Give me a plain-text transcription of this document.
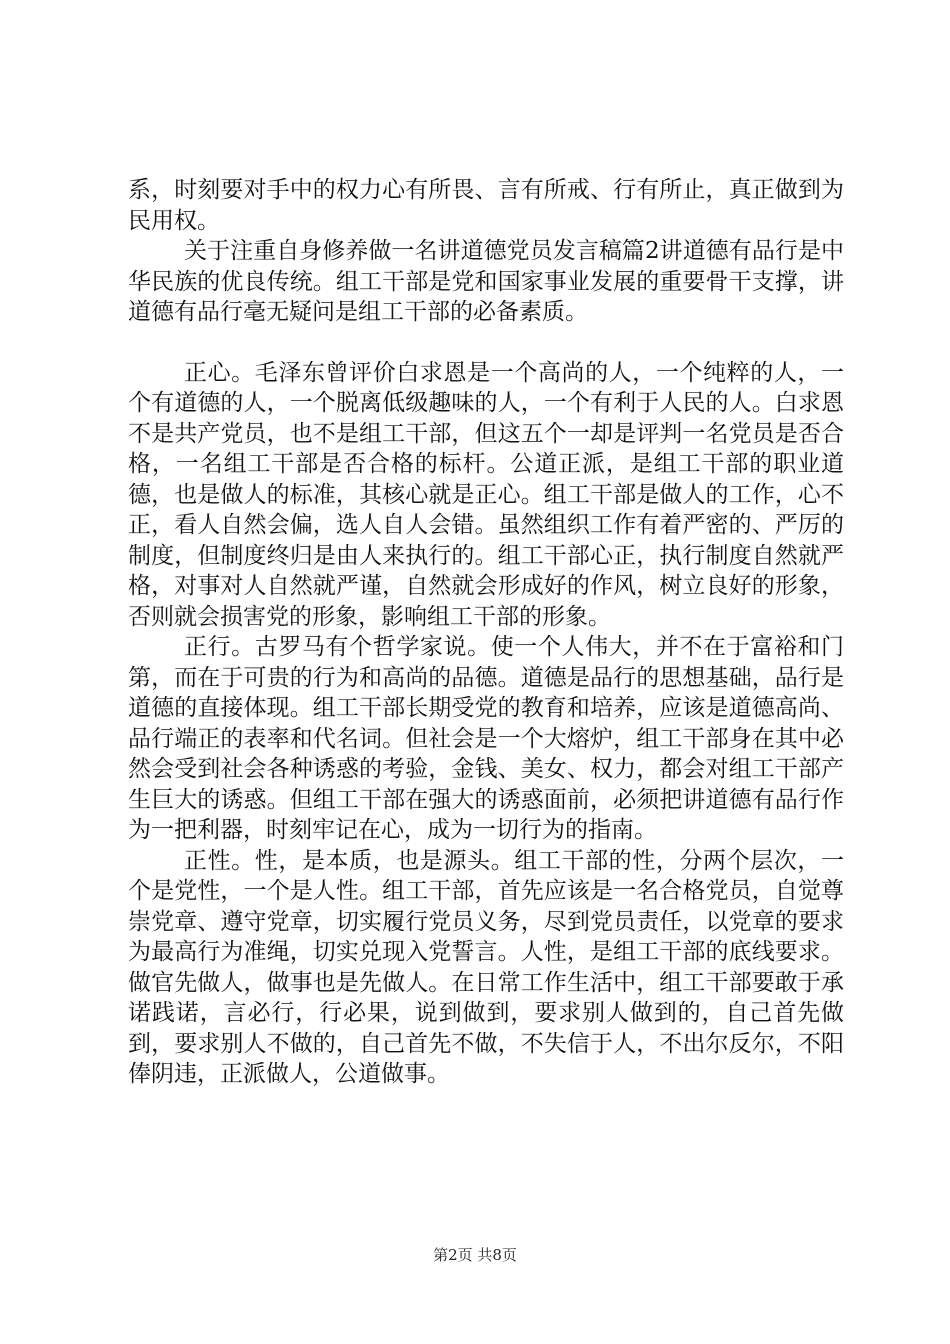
系，时刻要对手中的权力心有所畏、言有所戒、行有所止，真正做到为民用权。

关于注重自身修养做一名讲道德党员发言稿篇2讲道德有品行是中华民族的优良传统。组工干部是党和国家事业发展的重要骨干支撑，讲道德有品行毫无疑问是组工干部的必备素质。

正心。毛泽东曾评价白求恩是一个高尚的人，一个纯粹的人，一个有道德的人，一个脱离低级趣味的人，一个有利于人民的人。白求恩不是共产党员，也不是组工干部，但这五个一却是评判一名党员是否合格，一名组工干部是否合格的标杆。公道正派，是组工干部的职业道德，也是做人的标准，其核心就是正心。组工干部是做人的工作，心不正，看人自然会偏，选人自人会错。虽然组织工作有着严密的、严厉的制度，但制度终归是由人来执行的。组工干部心正，执行制度自然就严格，对事对人自然就严谨，自然就会形成好的作风，树立良好的形象，否则就会损害党的形象，影响组工干部的形象。

正行。古罗马有个哲学家说。使一个人伟大，并不在于富裕和门第，而在于可贵的行为和高尚的品德。道德是品行的思想基础，品行是道德的直接体现。组工干部长期受党的教育和培养，应该是道德高尚、品行端正的表率和代名词。但社会是一个大熔炉，组工干部身在其中必然会受到社会各种诱惑的考验，金钱、美女、权力，都会对组工干部产生巨大的诱惑。但组工干部在强大的诱惑面前，必须把讲道德有品行作为一把利器，时刻牢记在心，成为一切行为的指南。

正性。性，是本质，也是源头。组工干部的性，分两个层次，一个是党性，一个是人性。组工干部，首先应该是一名合格党员，自觉尊崇党章、遵守党章，切实履行党员义务，尽到党员责任，以党章的要求为最高行为准绳，切实兑现入党誓言。人性，是组工干部的底线要求。做官先做人，做事也是先做人。在日常工作生活中，组工干部要敢于承诺践诺，言必行，行必果，说到做到，要求别人做到的，自己首先做到，要求别人不做的，自己首先不做，不失信于人，不出尔反尔，不阳俸阴违，正派做人，公道做事。

第2页 共8页
